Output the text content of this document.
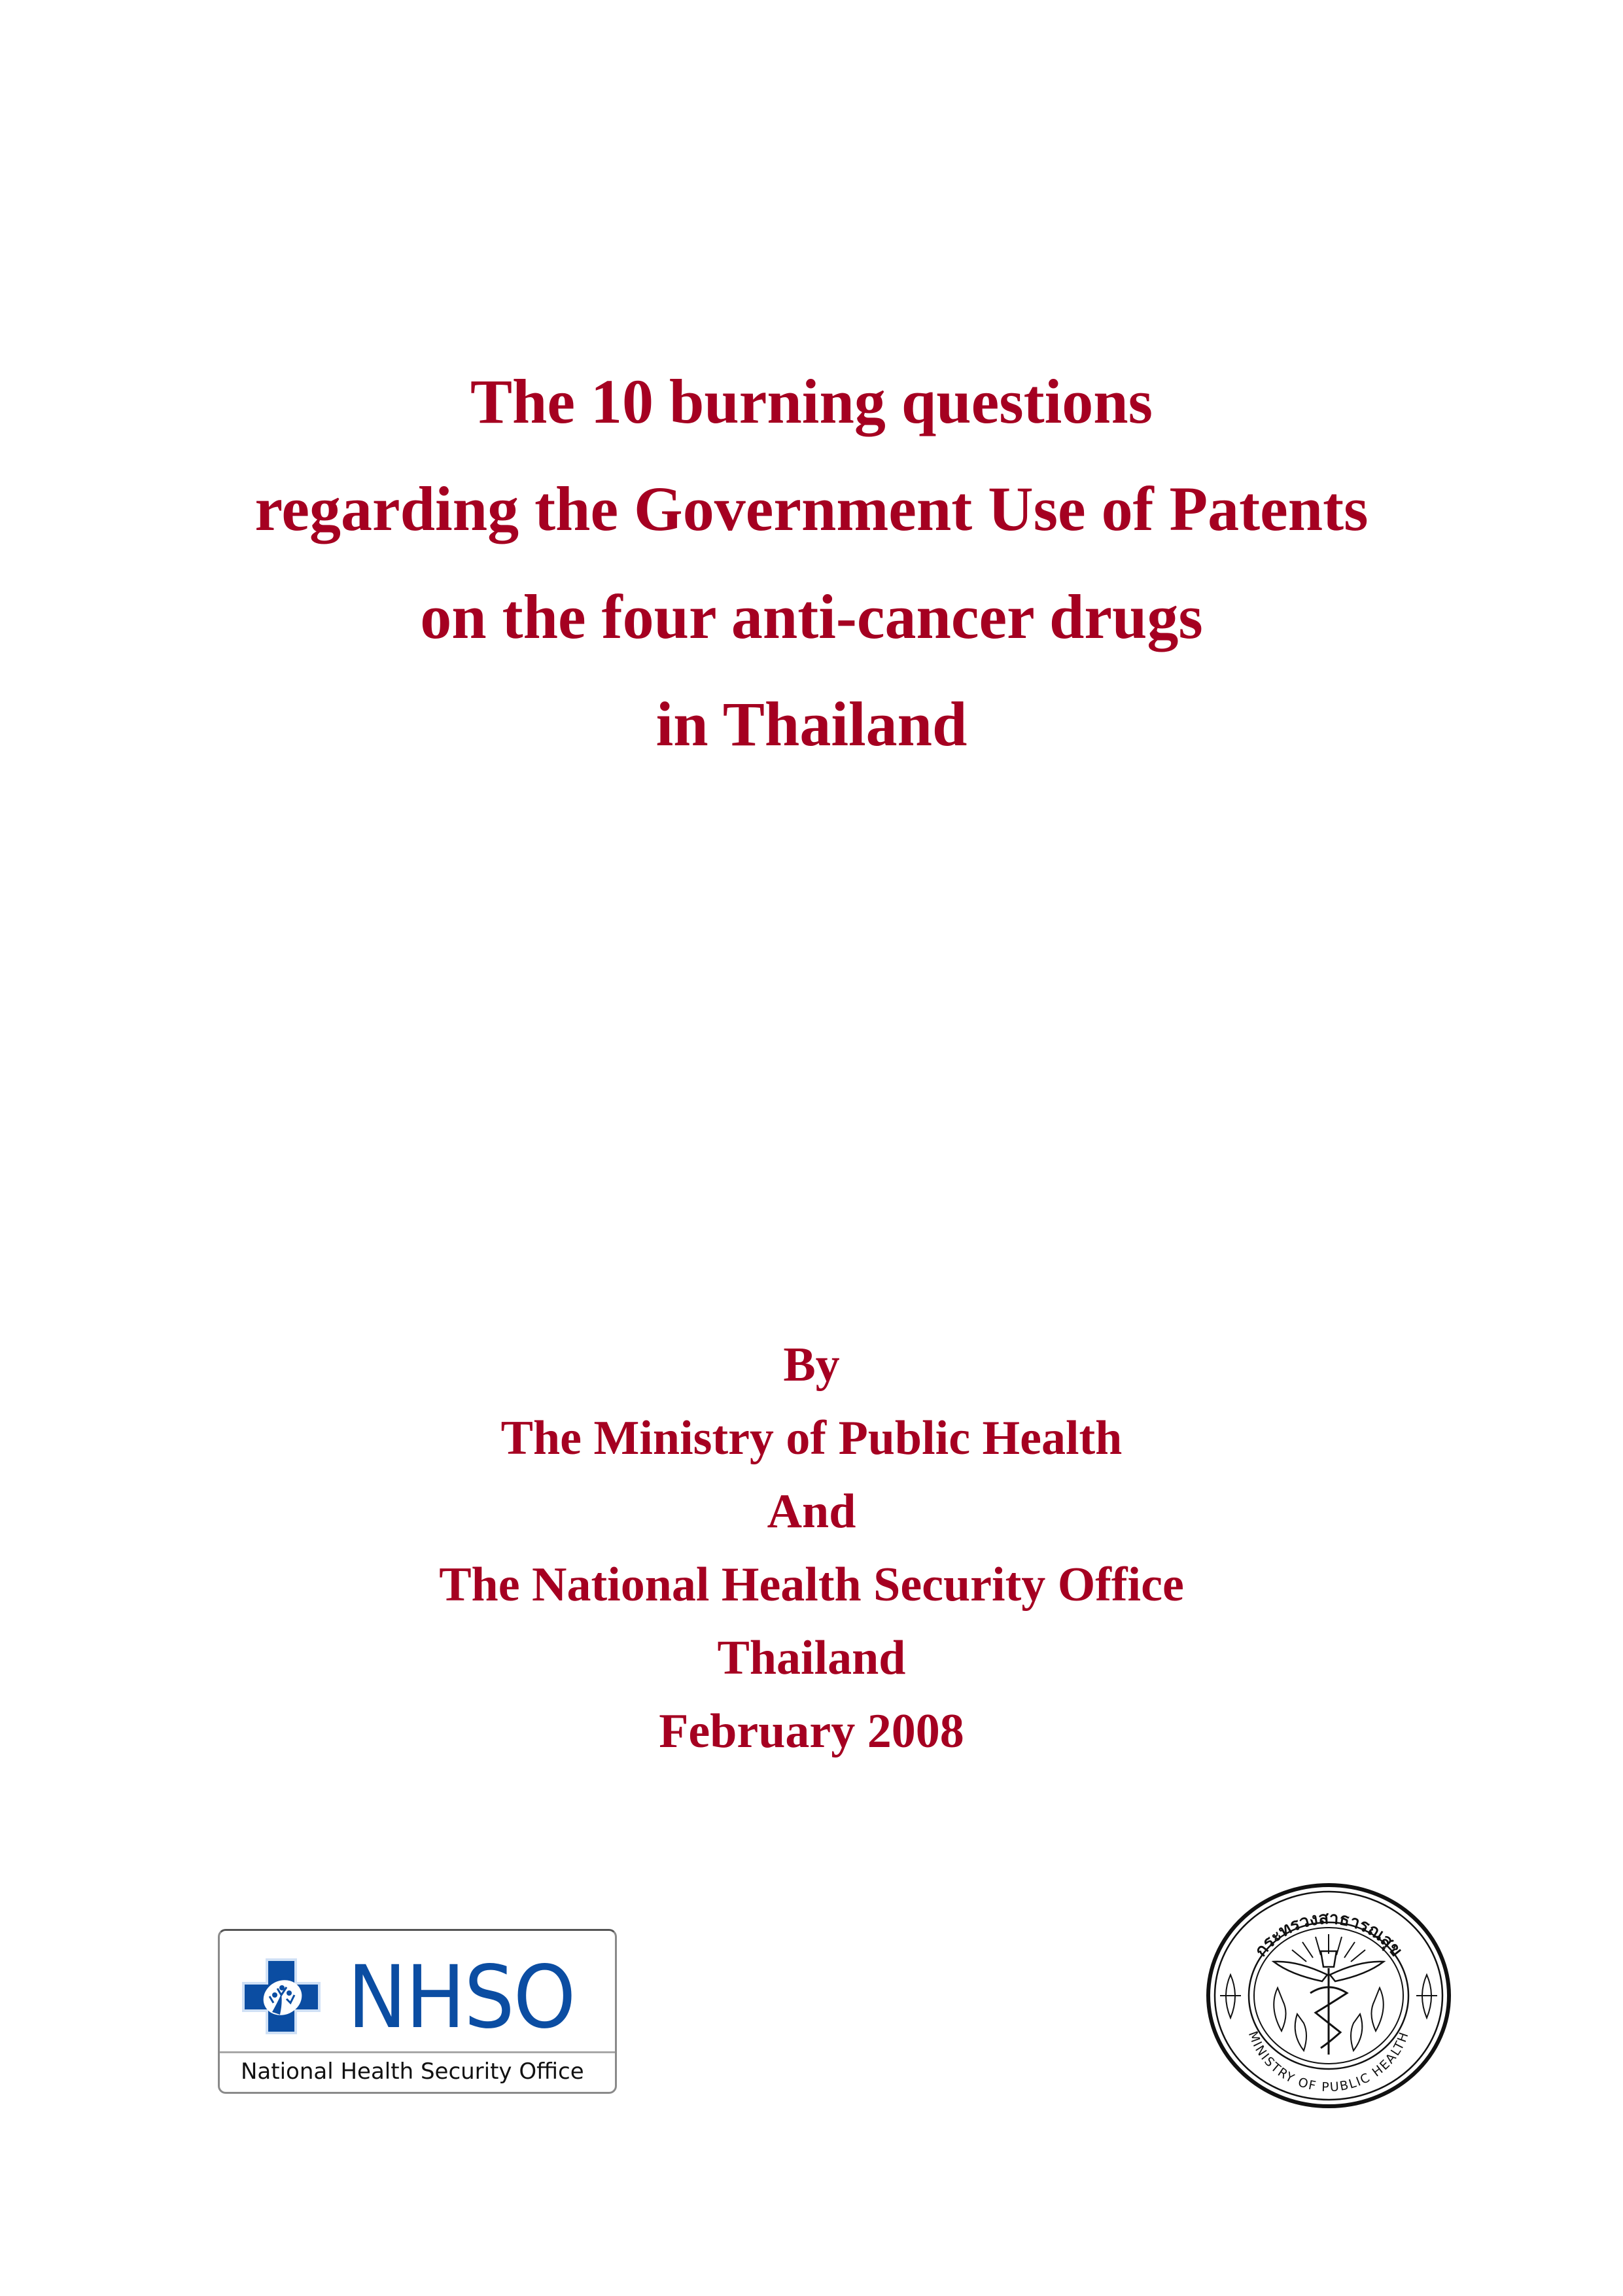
The 10 burning questions
regarding the Government Use of Patents
on the four anti-cancer drugs
in Thailand
By
The Ministry of Public Health
And
The National Health Security Office
Thailand
February 2008
NHSO
National Health Security Office
กระทรวงสาธารณสุข
MINISTRY OF PUBLIC HEALTH
